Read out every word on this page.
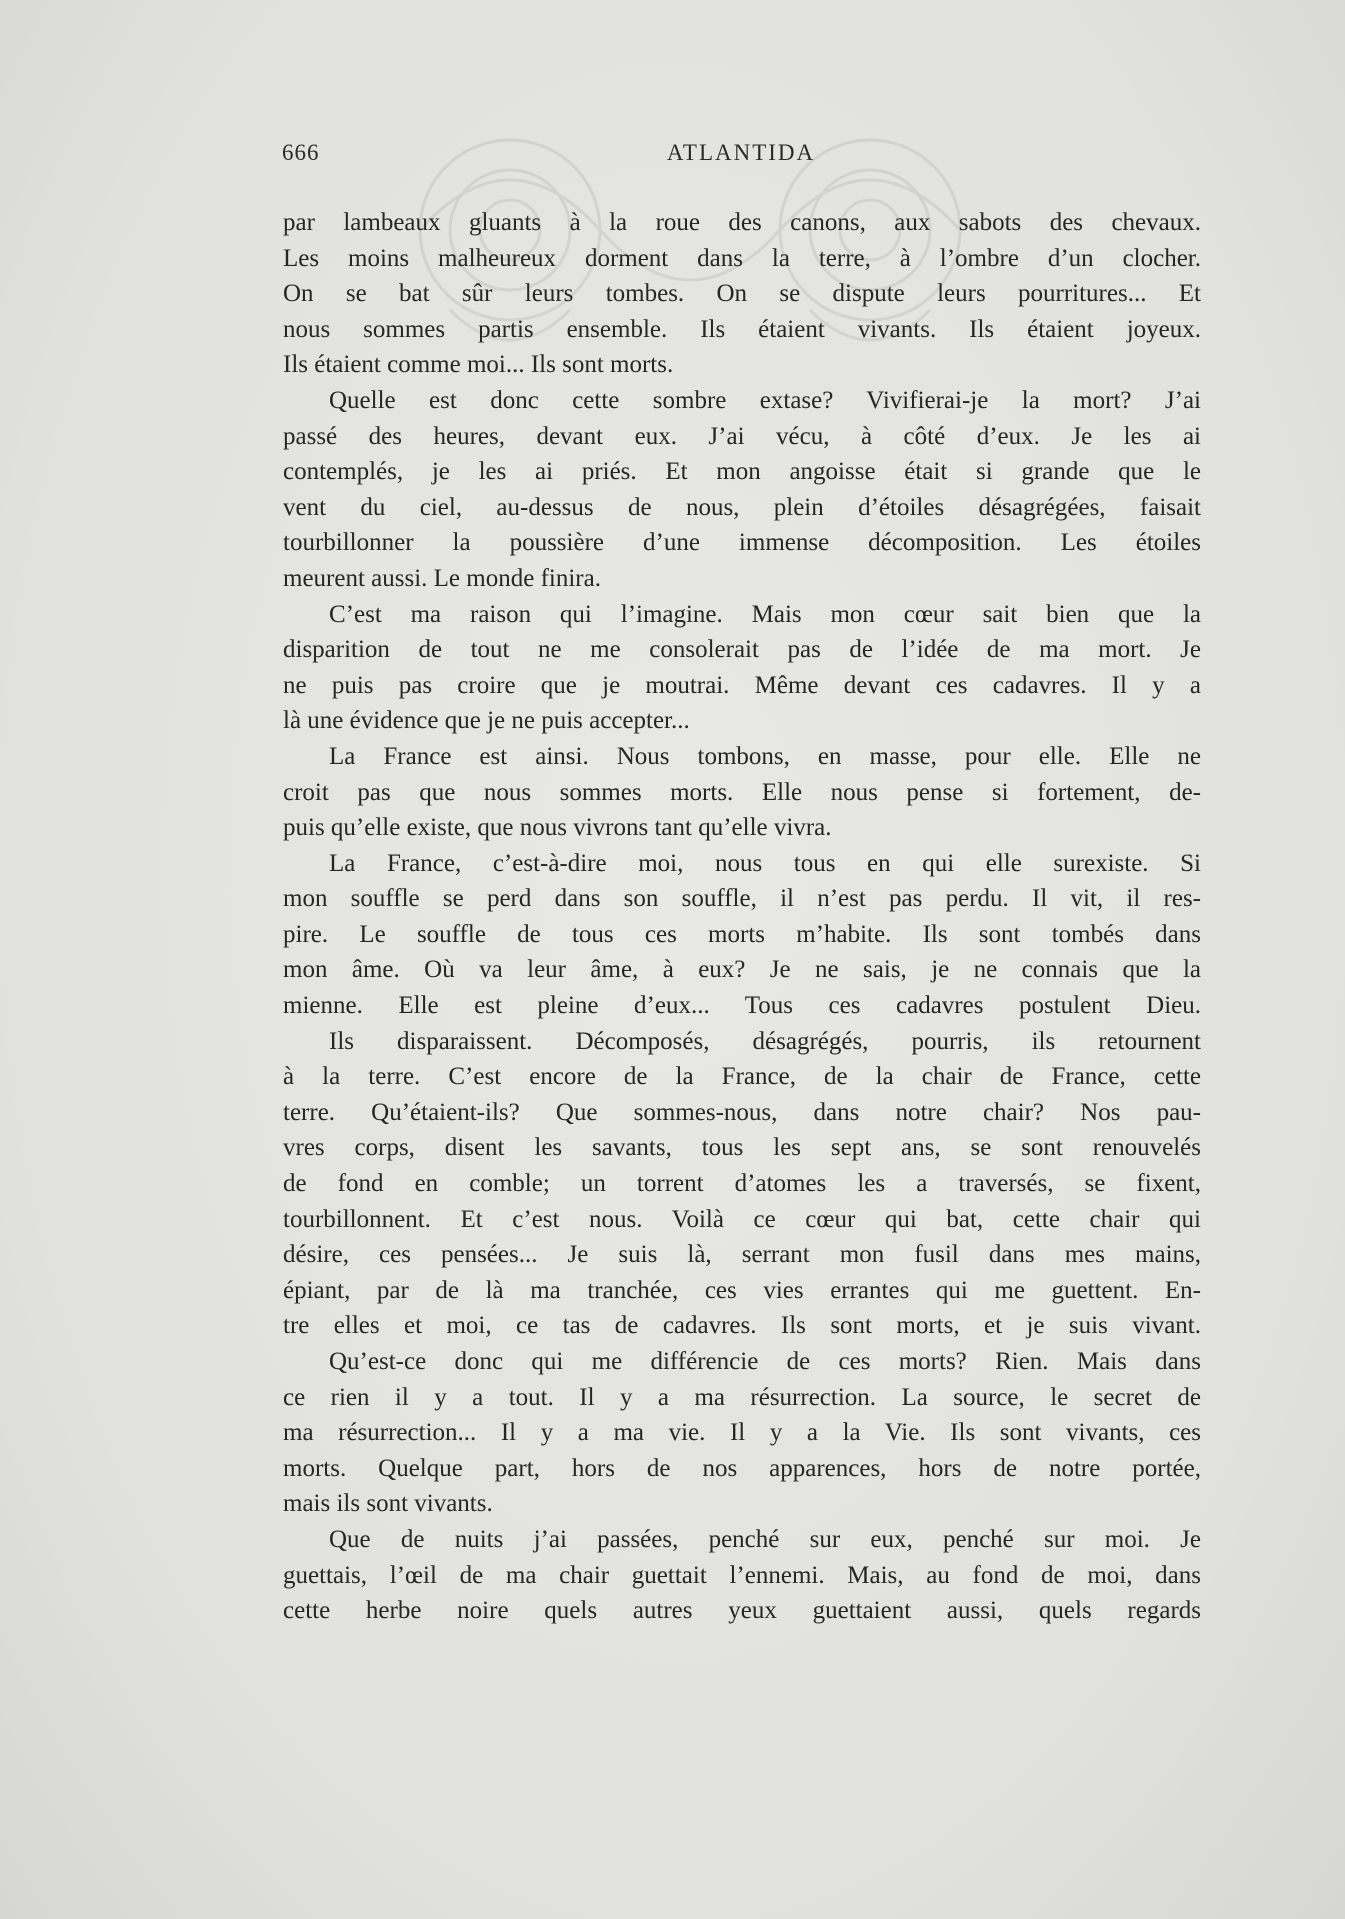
666	ATLANTIDA
par lambeaux gluants à la roue des canons, aux sabots des chevaux.
Les moins malheureux dorment dans la terre, à l’ombre d’un clocher.
On se bat sûr leurs tombes. On se dispute leurs pourritures... Et
nous sommes partis ensemble. Ils étaient vivants. Ils étaient joyeux.
Ils étaient comme moi... Ils sont morts.
Quelle est donc cette sombre extase? Vivifierai-je la mort? J’ai
passé des heures, devant eux. J’ai vécu, à côté d’eux. Je les ai
contemplés, je les ai priés. Et mon angoisse était si grande que le
vent du ciel, au-dessus de nous, plein d’étoiles désagrégées, faisait
tourbillonner la poussière d’une immense décomposition. Les étoiles
meurent aussi. Le monde finira.
C’est ma raison qui l’imagine. Mais mon cœur sait bien que la
disparition de tout ne me consolerait pas de l’idée de ma mort. Je
ne puis pas croire que je moutrai. Même devant ces cadavres. Il y a
là une évidence que je ne puis accepter...
La France est ainsi. Nous tombons, en masse, pour elle. Elle ne
croit pas que nous sommes morts. Elle nous pense si fortement, de-
puis qu’elle existe, que nous vivrons tant qu’elle vivra.
La France, c’est-à-dire moi, nous tous en qui elle surexiste. Si
mon souffle se perd dans son souffle, il n’est pas perdu. Il vit, il res-
pire. Le souffle de tous ces morts m’habite. Ils sont tombés dans
mon âme. Où va leur âme, à eux? Je ne sais, je ne connais que la
mienne. Elle est pleine d’eux... Tous ces cadavres postulent Dieu.
Ils disparaissent. Décomposés, désagrégés, pourris, ils retournent
à la terre. C’est encore de la France, de la chair de France, cette
terre. Qu’étaient-ils? Que sommes-nous, dans notre chair? Nos pau-
vres corps, disent les savants, tous les sept ans, se sont renouvelés
de fond en comble; un torrent d’atomes les a traversés, se fixent,
tourbillonnent. Et c’est nous. Voilà ce cœur qui bat, cette chair qui
désire, ces pensées... Je suis là, serrant mon fusil dans mes mains,
épiant, par de là ma tranchée, ces vies errantes qui me guettent. En-
tre elles et moi, ce tas de cadavres. Ils sont morts, et je suis vivant.
Qu’est-ce donc qui me différencie de ces morts? Rien. Mais dans
ce rien il y a tout. Il y a ma résurrection. La source, le secret de
ma résurrection... Il y a ma vie. Il y a la Vie. Ils sont vivants, ces
morts. Quelque part, hors de nos apparences, hors de notre portée,
mais ils sont vivants.
Que de nuits j’ai passées, penché sur eux, penché sur moi. Je
guettais, l’œil de ma chair guettait l’ennemi. Mais, au fond de moi, dans
cette herbe noire quels autres yeux guettaient aussi, quels regards
